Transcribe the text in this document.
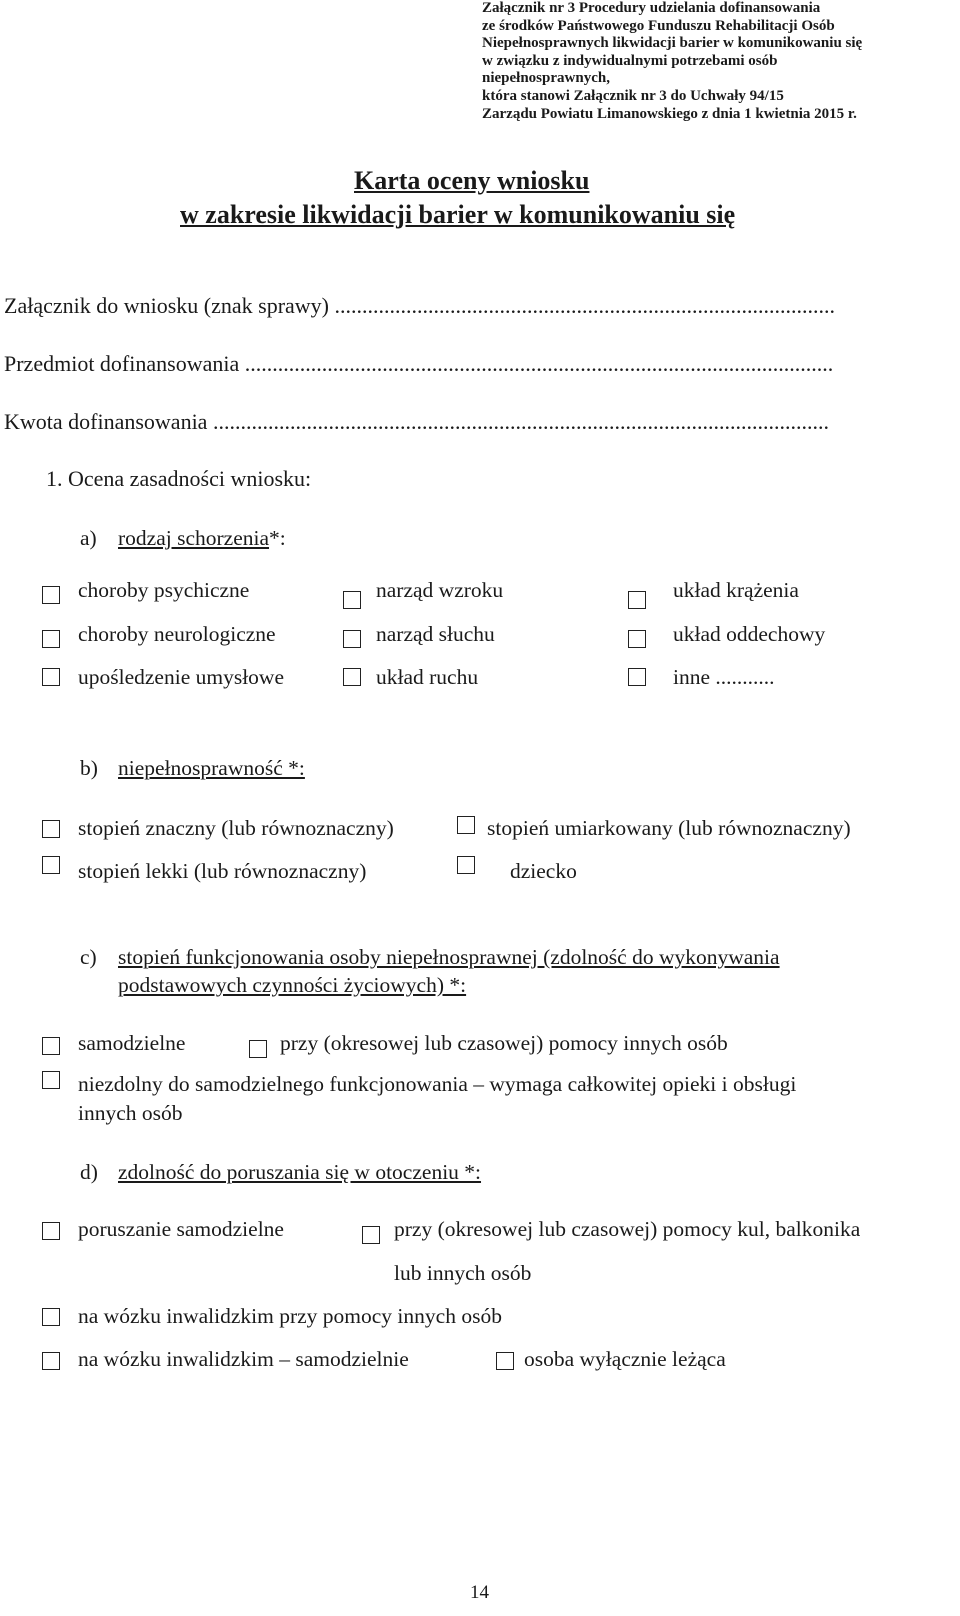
Załącznik nr 3 Procedury udzielania dofinansowania
ze środków Państwowego Funduszu Rehabilitacji Osób
Niepełnosprawnych likwidacji barier w komunikowaniu się
w związku z indywidualnymi potrzebami osób
niepełnosprawnych,
która stanowi Załącznik nr 3 do Uchwały 94/15
Zarządu Powiatu Limanowskiego z dnia 1 kwietnia 2015 r.
Karta oceny wniosku
w zakresie likwidacji barier w komunikowaniu się
Załącznik do wniosku (znak sprawy) ...........................................................................................
Przedmiot dofinansowania ...........................................................................................................
Kwota dofinansowania ................................................................................................................
1. Ocena zasadności wniosku:
a) rodzaj schorzenia*:
choroby psychiczne	narząd wzroku	układ krążenia
choroby neurologiczne	narząd słuchu	układ oddechowy
upośledzenie umysłowe	układ ruchu	inne ...........
b) niepełnosprawność *:
stopień znaczny (lub równoznaczny)	stopień umiarkowany (lub równoznaczny)
stopień lekki (lub równoznaczny)	dziecko
c) stopień funkcjonowania osoby niepełnosprawnej (zdolność do wykonywania
podstawowych czynności życiowych) *:
samodzielne	przy (okresowej lub czasowej) pomocy innych osób
niezdolny do samodzielnego funkcjonowania – wymaga całkowitej opieki i obsługi
innych osób
d) zdolność do poruszania się w otoczeniu *:
poruszanie samodzielne	przy (okresowej lub czasowej) pomocy kul, balkonika
lub innych osób
na wózku inwalidzkim przy pomocy innych osób
na wózku inwalidzkim – samodzielnie	osoba wyłącznie leżąca
14
